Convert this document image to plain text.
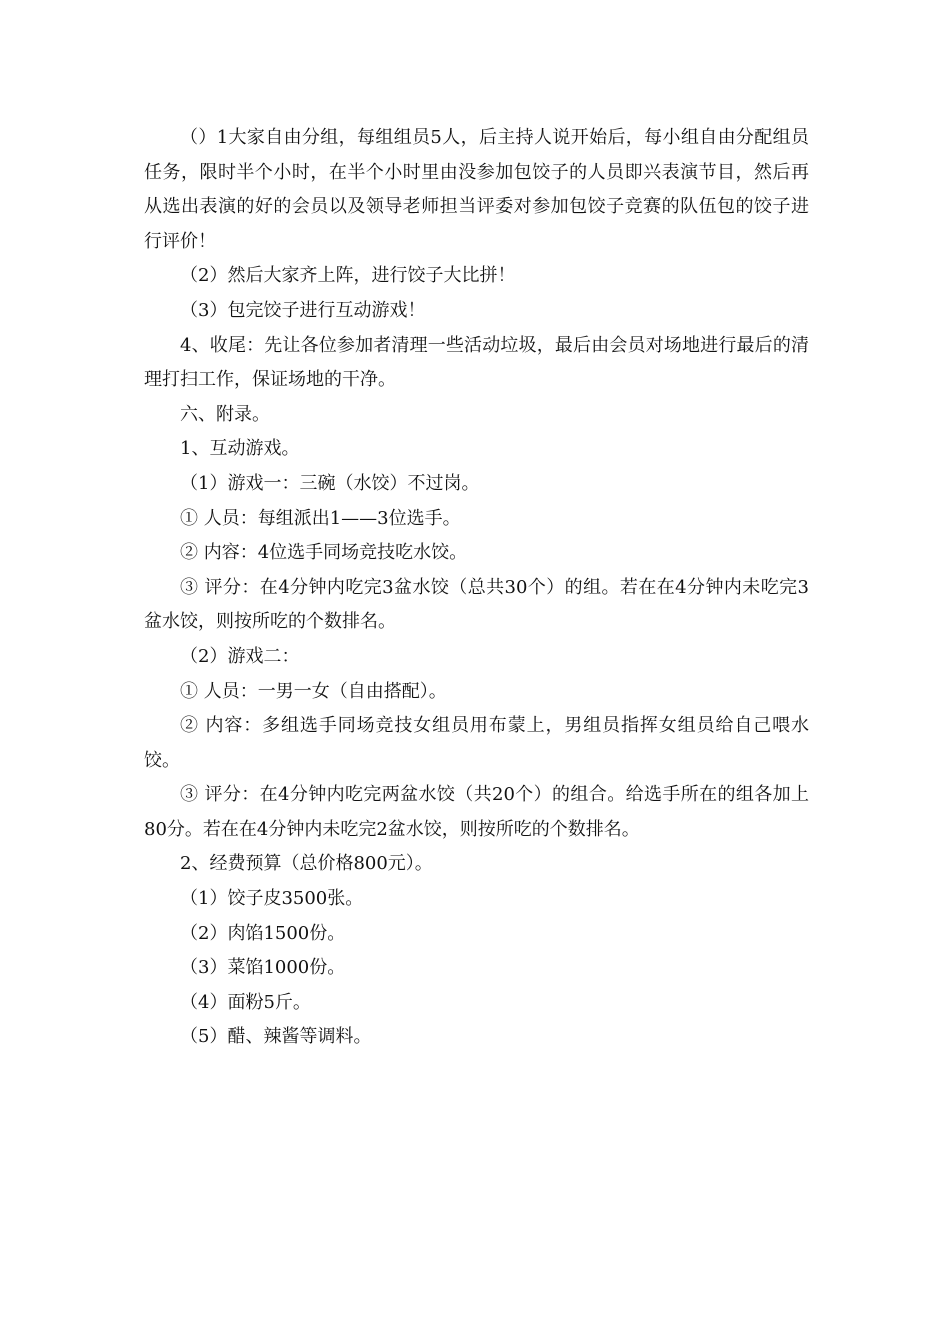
（）1大家自由分组，每组组员5人，后主持人说开始后，每小组自由分配组员任务，限时半个小时，在半个小时里由没参加包饺子的人员即兴表演节目，然后再从选出表演的好的会员以及领导老师担当评委对参加包饺子竞赛的队伍包的饺子进行评价！

（2）然后大家齐上阵，进行饺子大比拼！

（3）包完饺子进行互动游戏！

4、收尾：先让各位参加者清理一些活动垃圾，最后由会员对场地进行最后的清理打扫工作，保证场地的干净。

六、附录。

1、互动游戏。

（1）游戏一：三碗（水饺）不过岗。

① 人员：每组派出1——3位选手。

② 内容：4位选手同场竞技吃水饺。

③ 评分：在4分钟内吃完3盆水饺（总共30个）的组。若在在4分钟内未吃完3盆水饺，则按所吃的个数排名。

（2）游戏二：

① 人员：一男一女（自由搭配）。

② 内容：多组选手同场竞技女组员用布蒙上，男组员指挥女组员给自己喂水饺。

③ 评分：在4分钟内吃完两盆水饺（共20个）的组合。给选手所在的组各加上80分。若在在4分钟内未吃完2盆水饺，则按所吃的个数排名。

2、经费预算（总价格800元）。

（1）饺子皮3500张。

（2）肉馅1500份。

（3）菜馅1000份。

（4）面粉5斤。

（5）醋、辣酱等调料。
